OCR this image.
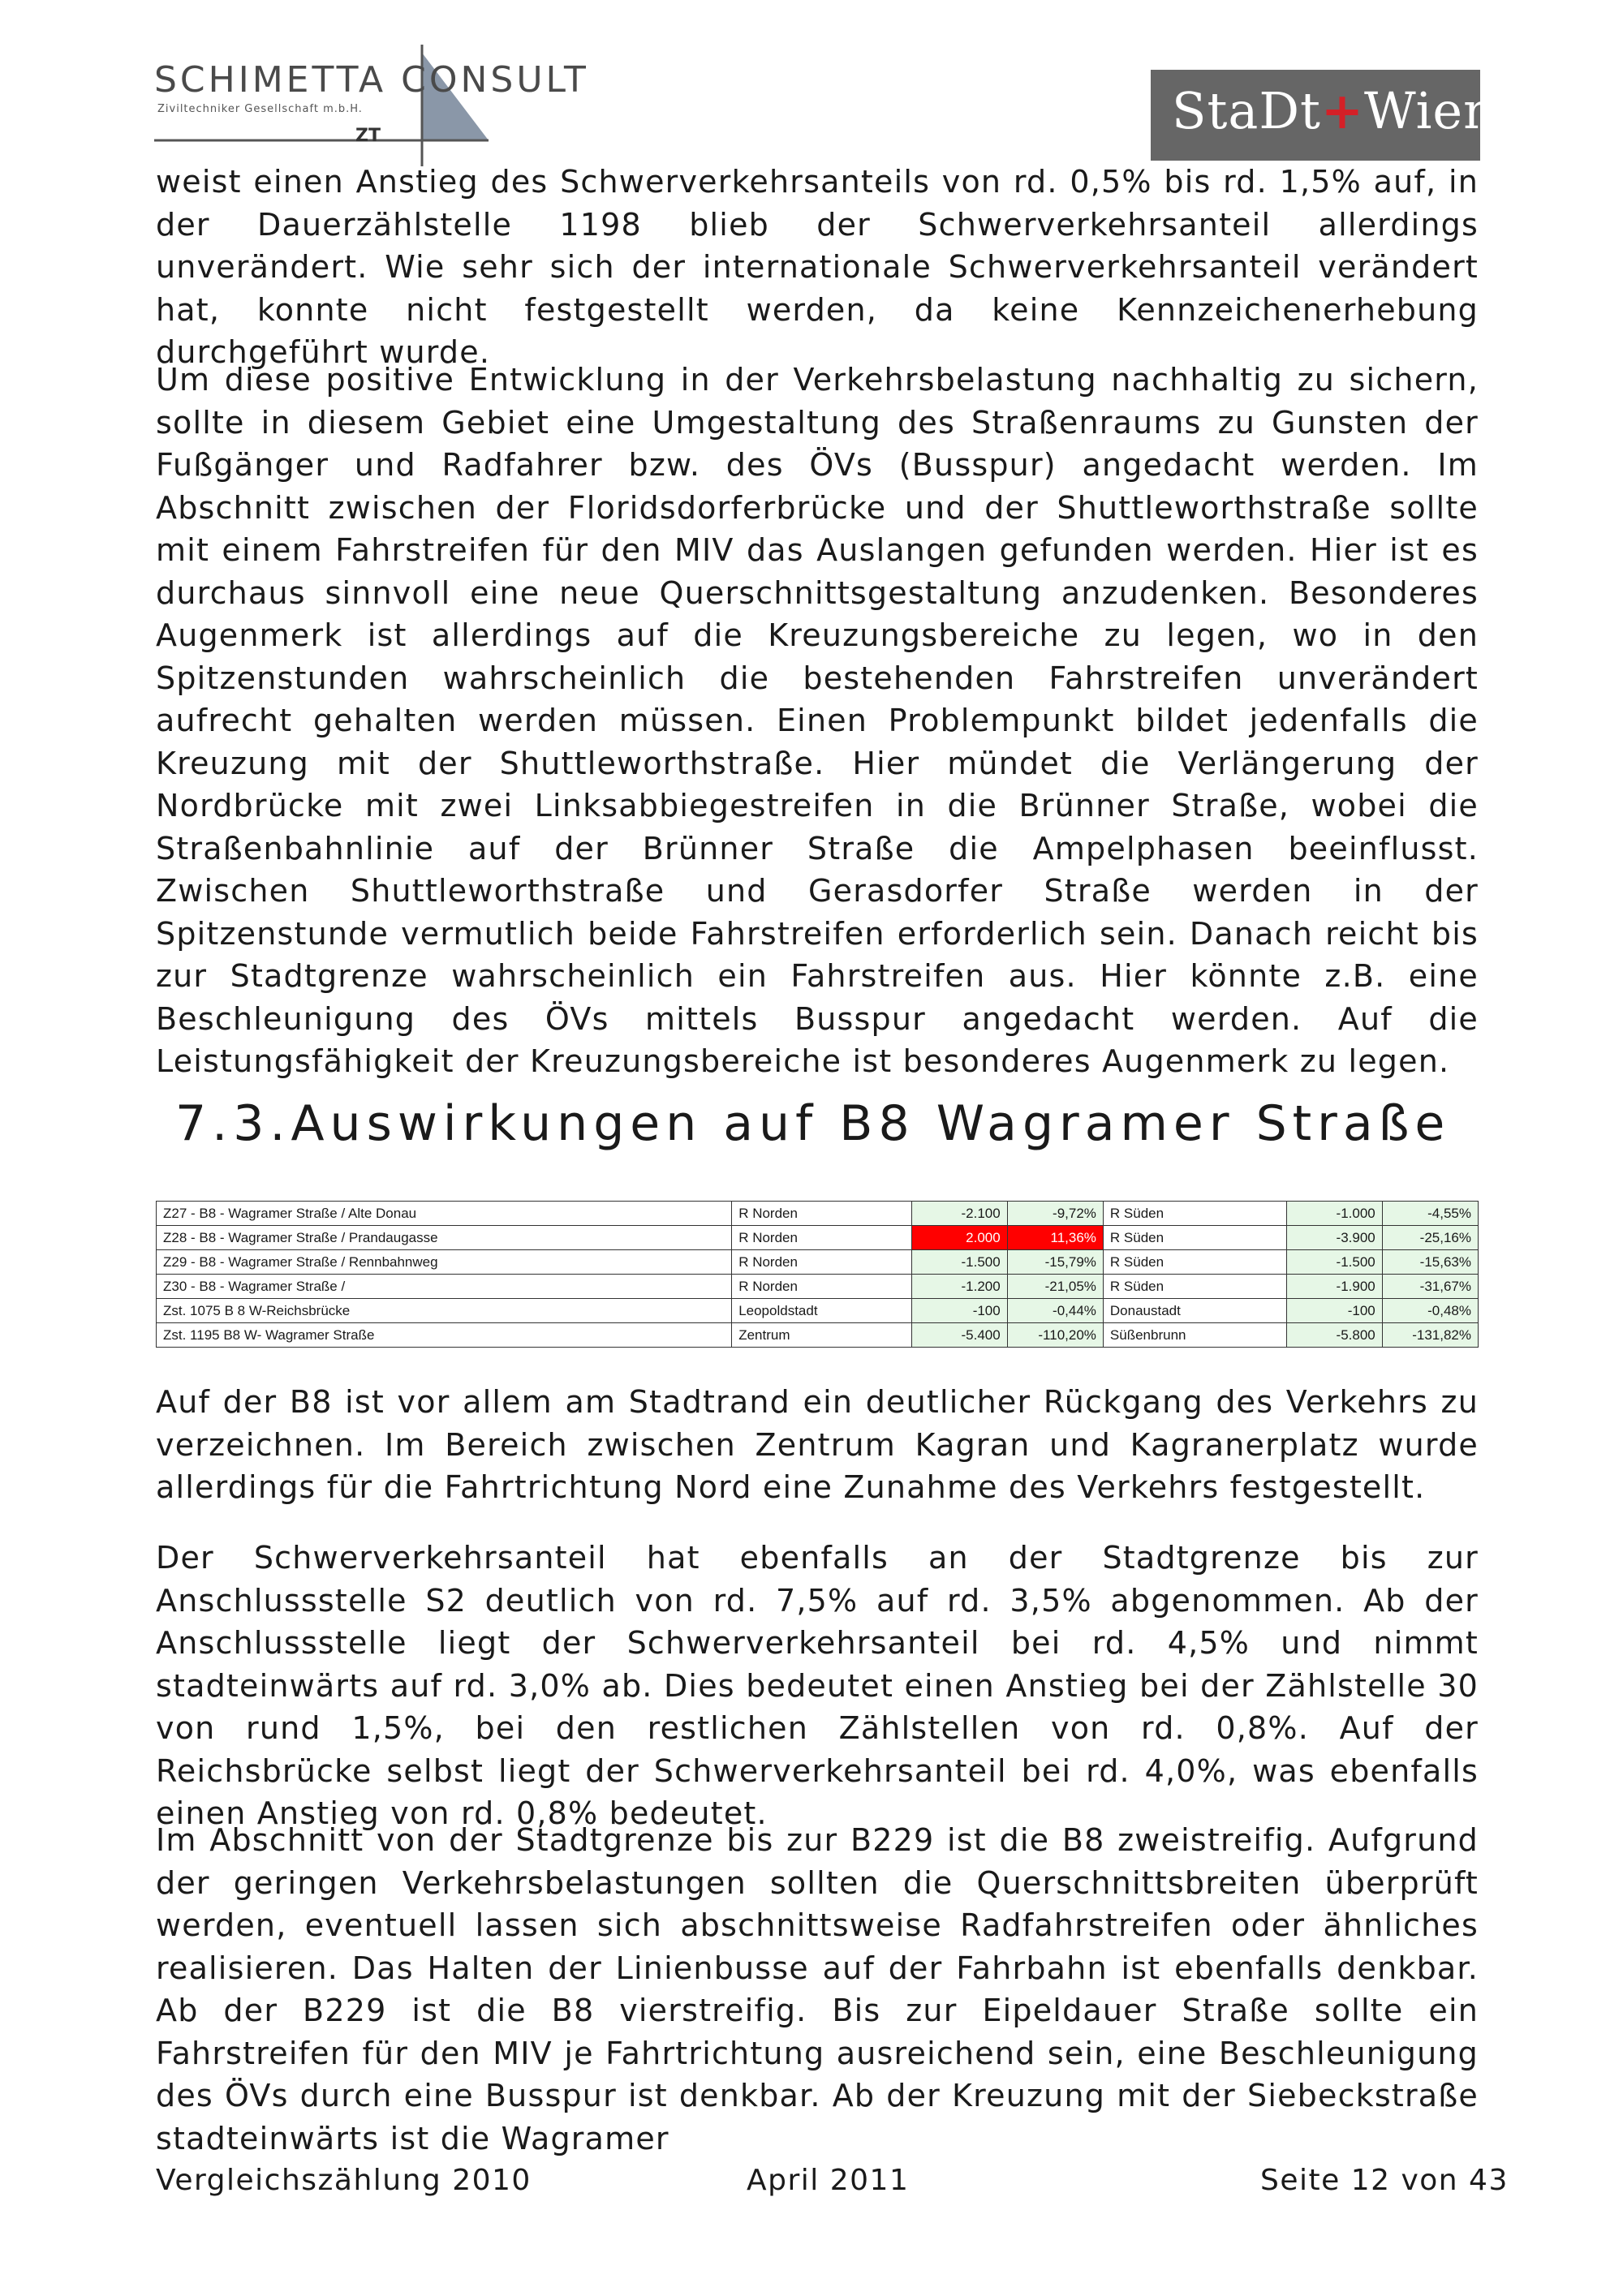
SCHIMETTA CONSULT
Ziviltechniker Gesellschaft m.b.H.
ZT	StaDt+Wien

weist einen Anstieg des Schwerverkehrsanteils von rd. 0,5% bis rd. 1,5% auf, in der Dauerzählstelle 1198 blieb der Schwerverkehrsanteil allerdings unverändert. Wie sehr sich der internationale Schwerverkehrsanteil verändert hat, konnte nicht festgestellt werden, da keine Kennzeichenerhebung durchgeführt wurde.

Um diese positive Entwicklung in der Verkehrsbelastung nachhaltig zu sichern, sollte in diesem Gebiet eine Umgestaltung des Straßenraums zu Gunsten der Fußgänger und Radfahrer bzw. des ÖVs (Busspur) angedacht werden. Im Abschnitt zwischen der Floridsdorferbrücke und der Shuttleworthstraße sollte mit einem Fahrstreifen für den MIV das Auslangen gefunden werden. Hier ist es durchaus sinnvoll eine neue Querschnittsgestaltung anzudenken. Besonderes Augenmerk ist allerdings auf die Kreuzungsbereiche zu legen, wo in den Spitzenstunden wahrscheinlich die bestehenden Fahrstreifen unverändert aufrecht gehalten werden müssen. Einen Problempunkt bildet jedenfalls die Kreuzung mit der Shuttleworthstraße. Hier mündet die Verlängerung der Nordbrücke mit zwei Linksabbiegestreifen in die Brünner Straße, wobei die Straßenbahnlinie auf der Brünner Straße die Ampelphasen beeinflusst. Zwischen Shuttleworthstraße und Gerasdorfer Straße werden in der Spitzenstunde vermutlich beide Fahrstreifen erforderlich sein. Danach reicht bis zur Stadtgrenze wahrscheinlich ein Fahrstreifen aus. Hier könnte z.B. eine Beschleunigung des ÖVs mittels Busspur angedacht werden. Auf die Leistungsfähigkeit der Kreuzungsbereiche ist besonderes Augenmerk zu legen.

7.3.Auswirkungen auf B8 Wagramer Straße
Z27 - B8 - Wagramer Straße / Alte Donau	R Norden	-2.100	-9,72%	R Süden	-1.000	-4,55%
Z28 - B8 - Wagramer Straße / Prandaugasse	R Norden	2.000	11,36%	R Süden	-3.900	-25,16%
Z29 - B8 - Wagramer Straße / Rennbahnweg	R Norden	-1.500	-15,79%	R Süden	-1.500	-15,63%
Z30 - B8 - Wagramer Straße /	R Norden	-1.200	-21,05%	R Süden	-1.900	-31,67%
Zst. 1075 B 8 W-Reichsbrücke	Leopoldstadt	-100	-0,44%	Donaustadt	-100	-0,48%
Zst. 1195 B8 W- Wagramer Straße	Zentrum	-5.400	-110,20%	Süßenbrunn	-5.800	-131,82%

Auf der B8 ist vor allem am Stadtrand ein deutlicher Rückgang des Verkehrs zu verzeichnen. Im Bereich zwischen Zentrum Kagran und Kagranerplatz wurde allerdings für die Fahrtrichtung Nord eine Zunahme des Verkehrs festgestellt.

Der Schwerverkehrsanteil hat ebenfalls an der Stadtgrenze bis zur Anschlussstelle S2 deutlich von rd. 7,5% auf rd. 3,5% abgenommen. Ab der Anschlussstelle liegt der Schwerverkehrsanteil bei rd. 4,5% und nimmt stadteinwärts auf rd. 3,0% ab. Dies bedeutet einen Anstieg bei der Zählstelle 30 von rund 1,5%, bei den restlichen Zählstellen von rd. 0,8%. Auf der Reichsbrücke selbst liegt der Schwerverkehrsanteil bei rd. 4,0%, was ebenfalls einen Anstieg von rd. 0,8% bedeutet.

Im Abschnitt von der Stadtgrenze bis zur B229 ist die B8 zweistreifig. Aufgrund der geringen Verkehrsbelastungen sollten die Querschnittsbreiten überprüft werden, eventuell lassen sich abschnittsweise Radfahrstreifen oder ähnliches realisieren. Das Halten der Linienbusse auf der Fahrbahn ist ebenfalls denkbar. Ab der B229 ist die B8 vierstreifig. Bis zur Eipeldauer Straße sollte ein Fahrstreifen für den MIV je Fahrtrichtung ausreichend sein, eine Beschleunigung des ÖVs durch eine Busspur ist denkbar. Ab der Kreuzung mit der Siebeckstraße stadteinwärts ist die Wagramer

Vergleichszählung 2010	April 2011	Seite 12 von 43
